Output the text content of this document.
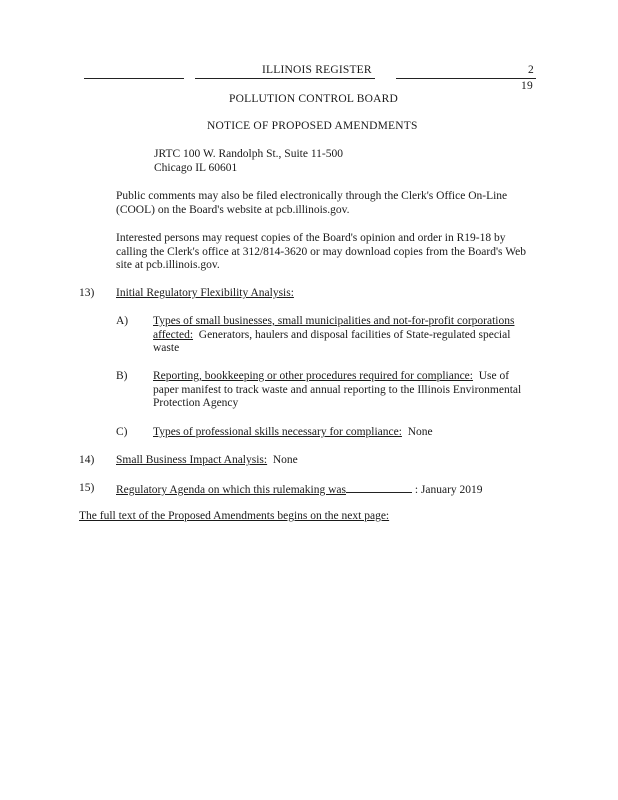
ILLINOIS REGISTER	2
19
POLLUTION CONTROL BOARD
NOTICE OF PROPOSED AMENDMENTS
JRTC 100 W. Randolph St., Suite 11-500
Chicago IL 60601
Public comments may also be filed electronically through the Clerk's Office On-Line
(COOL) on the Board's website at pcb.illinois.gov.
Interested persons may request copies of the Board's opinion and order in R19-18 by
calling the Clerk's office at 312/814-3620 or may download copies from the Board's Web
site at pcb.illinois.gov.
13) Initial Regulatory Flexibility Analysis:
A) Types of small businesses, small municipalities and not-for-profit corporations
affected: Generators, haulers and disposal facilities of State-regulated special
waste
B) Reporting, bookkeeping or other procedures required for compliance: Use of
paper manifest to track waste and annual reporting to the Illinois Environmental
Protection Agency
C) Types of professional skills necessary for compliance: None
14) Small Business Impact Analysis: None
15) Regulatory Agenda on which this rulemaking was	: January 2019
The full text of the Proposed Amendments begins on the next page:
